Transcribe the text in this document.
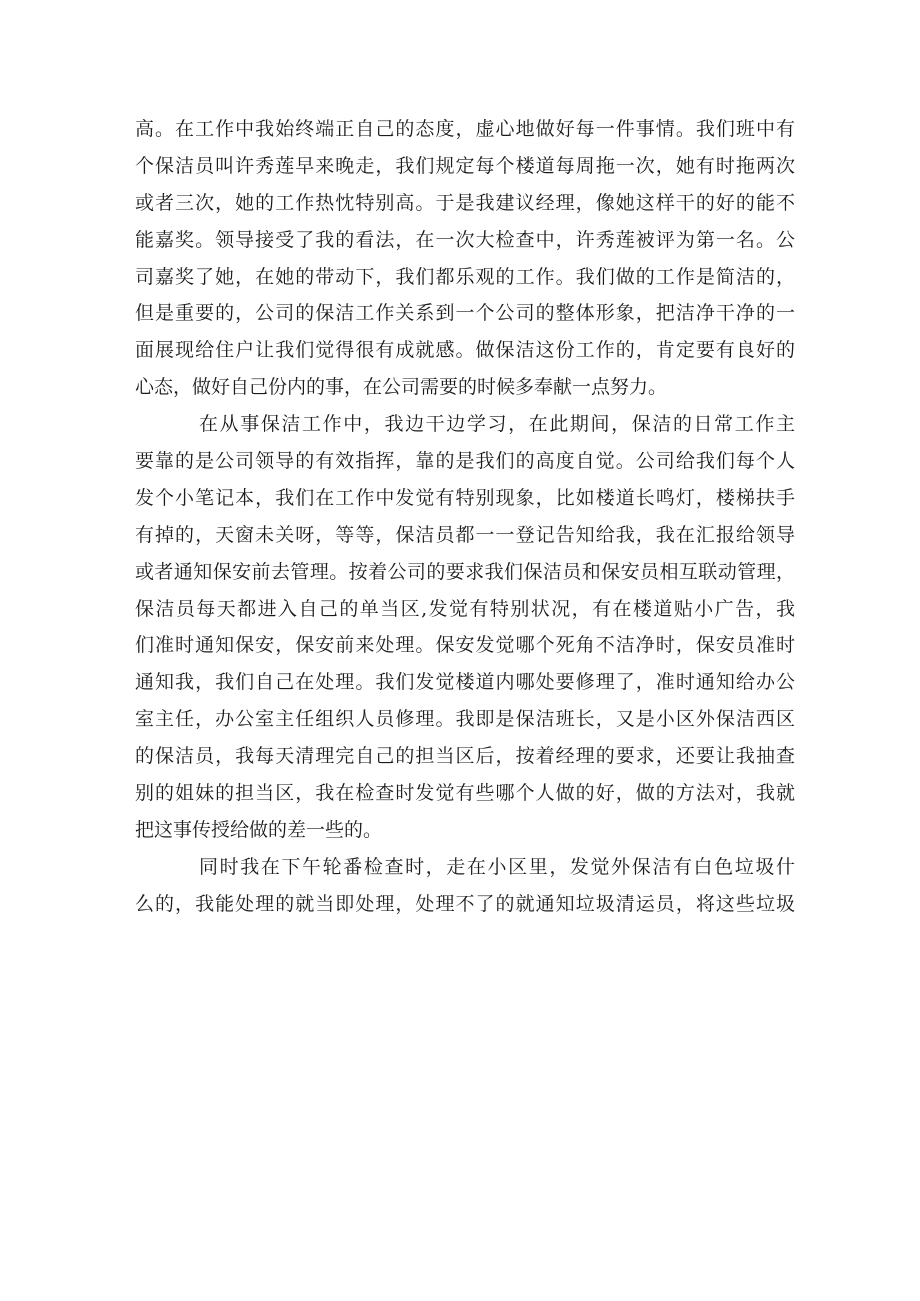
高。在工作中我始终端正自己的态度，虚心地做好每一件事情。我们班中有
个保洁员叫许秀莲早来晚走，我们规定每个楼道每周拖一次，她有时拖两次
或者三次，她的工作热忱特别高。于是我建议经理，像她这样干的好的能不
能嘉奖。领导接受了我的看法，在一次大检查中，许秀莲被评为第一名。公
司嘉奖了她，在她的带动下，我们都乐观的工作。我们做的工作是简洁的，
但是重要的，公司的保洁工作关系到一个公司的整体形象，把洁净干净的一
面展现给住户让我们觉得很有成就感。做保洁这份工作的，肯定要有良好的
心态，做好自己份内的事，在公司需要的时候多奉献一点努力。
在从事保洁工作中，我边干边学习，在此期间，保洁的日常工作主
要靠的是公司领导的有效指挥，靠的是我们的高度自觉。公司给我们每个人
发个小笔记本，我们在工作中发觉有特别现象，比如楼道长鸣灯，楼梯扶手
有掉的，天窗未关呀，等等，保洁员都一一登记告知给我，我在汇报给领导
或者通知保安前去管理。按着公司的要求我们保洁员和保安员相互联动管理，
保洁员每天都进入自己的单当区,发觉有特别状况，有在楼道贴小广告，我
们准时通知保安，保安前来处理。保安发觉哪个死角不洁净时，保安员准时
通知我，我们自己在处理。我们发觉楼道内哪处要修理了，准时通知给办公
室主任，办公室主任组织人员修理。我即是保洁班长，又是小区外保洁西区
的保洁员，我每天清理完自己的担当区后，按着经理的要求，还要让我抽查
别的姐妹的担当区，我在检查时发觉有些哪个人做的好，做的方法对，我就
把这事传授给做的差一些的。
同时我在下午轮番检查时，走在小区里，发觉外保洁有白色垃圾什
么的，我能处理的就当即处理，处理不了的就通知垃圾清运员，将这些垃圾
